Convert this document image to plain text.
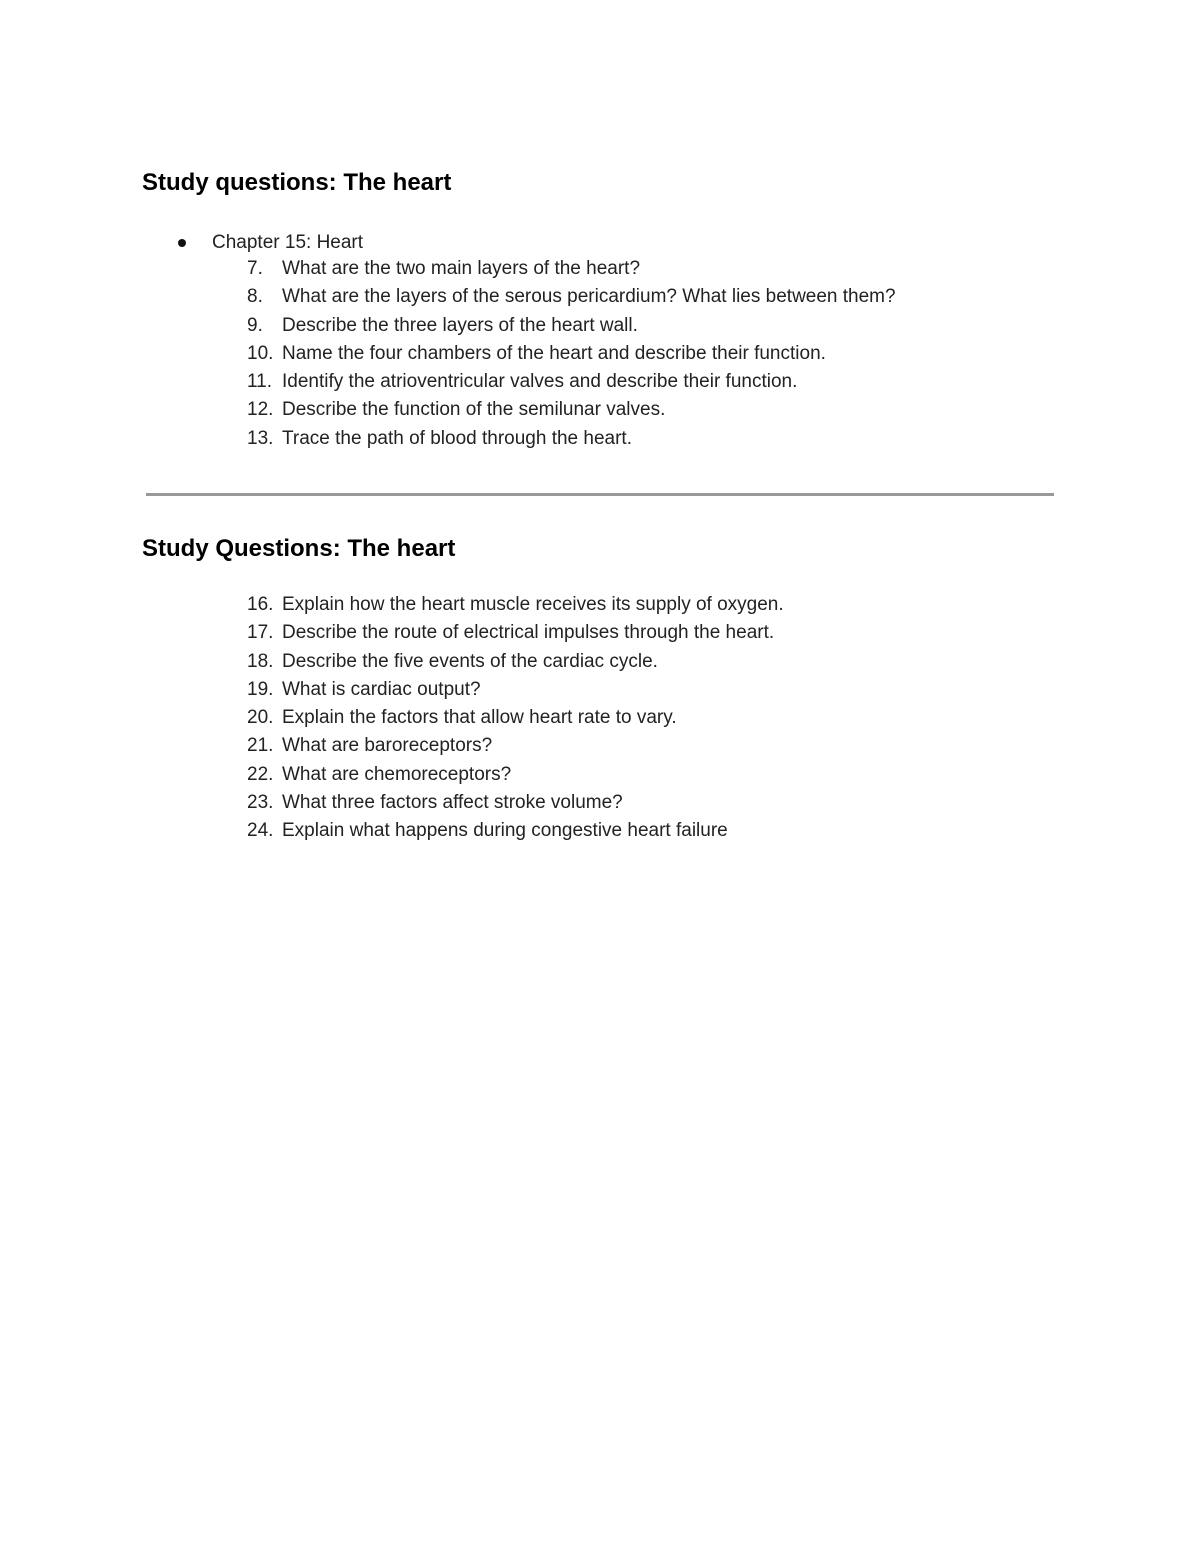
Study questions: The heart
Chapter 15: Heart
7. What are the two main layers of the heart?
8. What are the layers of the serous pericardium? What lies between them?
9. Describe the three layers of the heart wall.
10. Name the four chambers of the heart and describe their function.
11. Identify the atrioventricular valves and describe their function.
12. Describe the function of the semilunar valves.
13. Trace the path of blood through the heart.
Study Questions: The heart
16. Explain how the heart muscle receives its supply of oxygen.
17. Describe the route of electrical impulses through the heart.
18. Describe the five events of the cardiac cycle.
19. What is cardiac output?
20. Explain the factors that allow heart rate to vary.
21. What are baroreceptors?
22. What are chemoreceptors?
23. What three factors affect stroke volume?
24. Explain what happens during congestive heart failure
